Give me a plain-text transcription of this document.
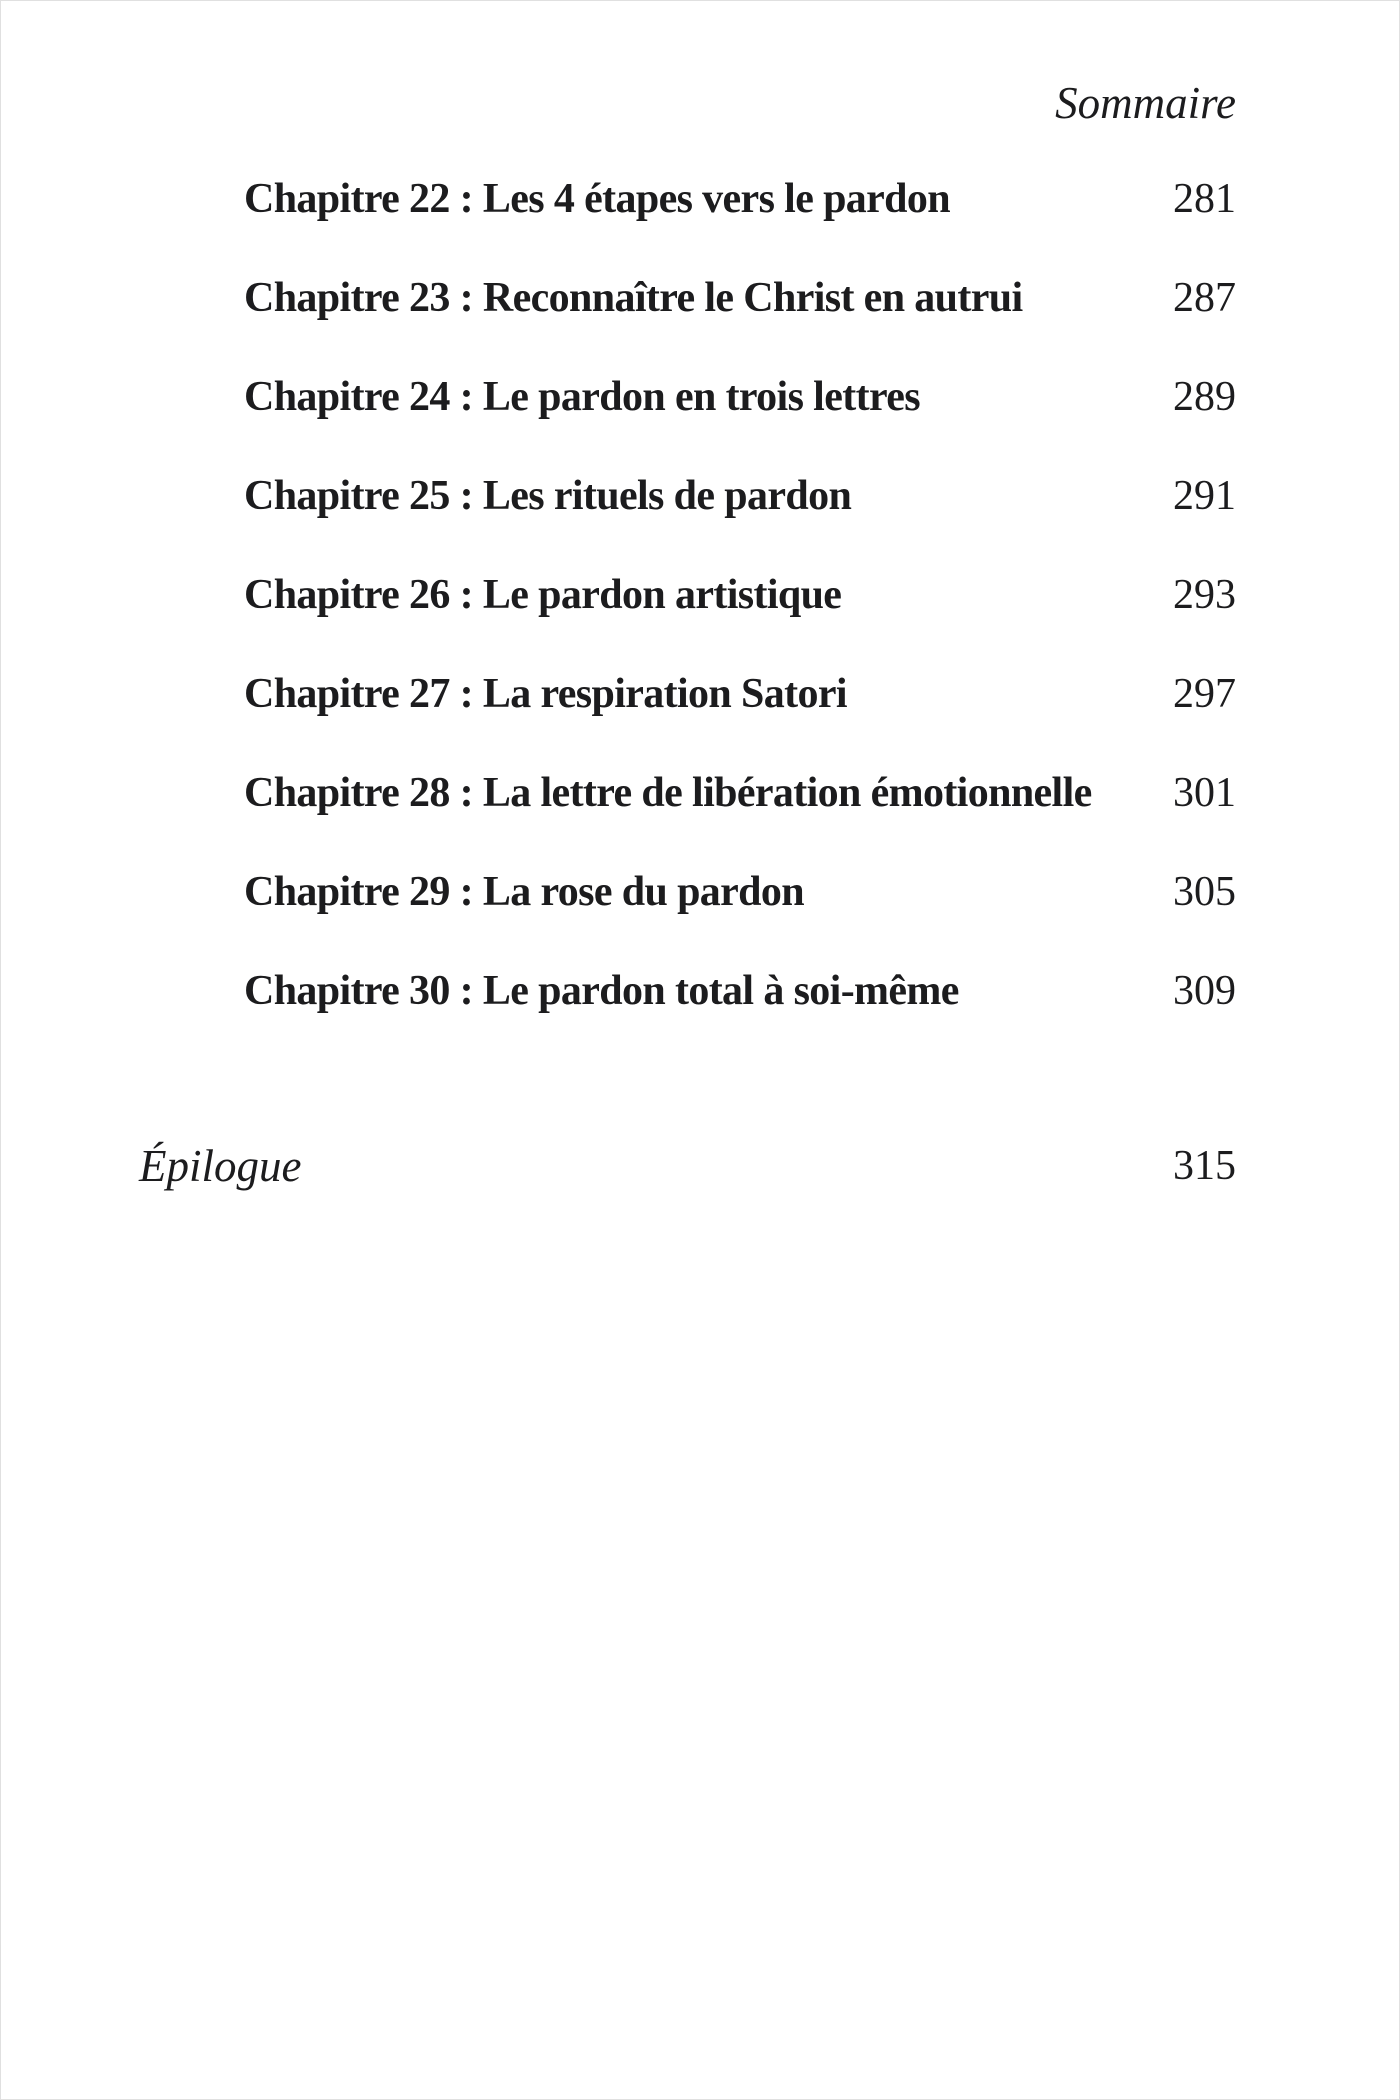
Sommaire
Chapitre 22 : Les 4 étapes vers le pardon	281
Chapitre 23 : Reconnaître le Christ en autrui	287
Chapitre 24 : Le pardon en trois lettres	289
Chapitre 25 : Les rituels de pardon	291
Chapitre 26 : Le pardon artistique	293
Chapitre 27 : La respiration Satori	297
Chapitre 28 : La lettre de libération émotionnelle	301
Chapitre 29 : La rose du pardon	305
Chapitre 30 : Le pardon total à soi-même	309
Épilogue	315
